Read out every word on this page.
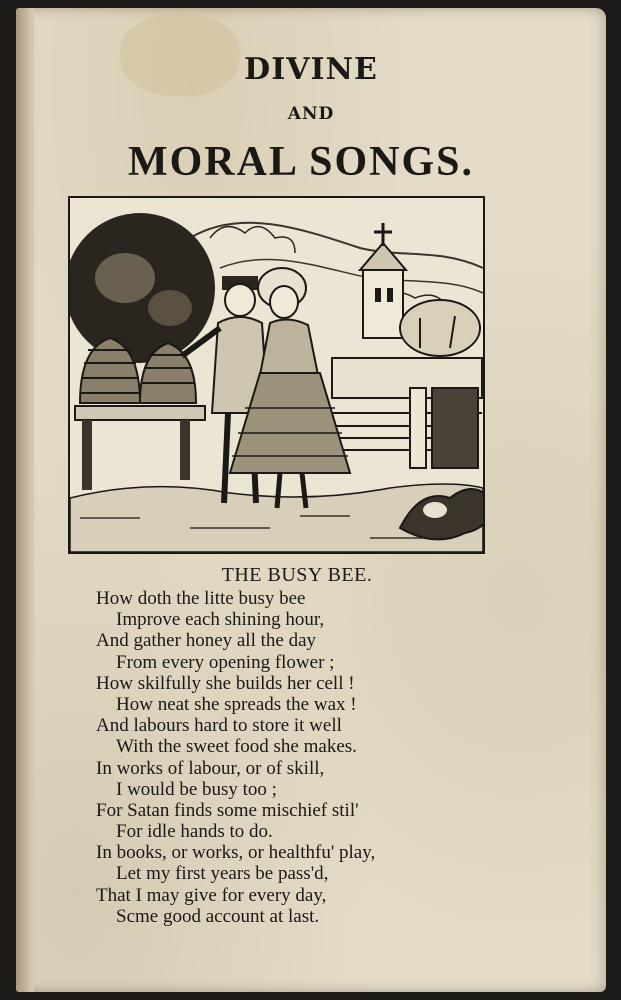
DIVINE
AND
MORAL SONGS.
THE BUSY BEE.
How doth the litte busy bee
Improve each shining hour,
And gather honey all the day
From every opening flower ;
How skilfully she builds her cell !
How neat she spreads the wax !
And labours hard to store it well
With the sweet food she makes.
In works of labour, or of skill,
I would be busy too ;
For Satan finds some mischief stil'
For idle hands to do.
In books, or works, or healthfu' play,
Let my first years be pass'd,
That I may give for every day,
Scme good account at last.
